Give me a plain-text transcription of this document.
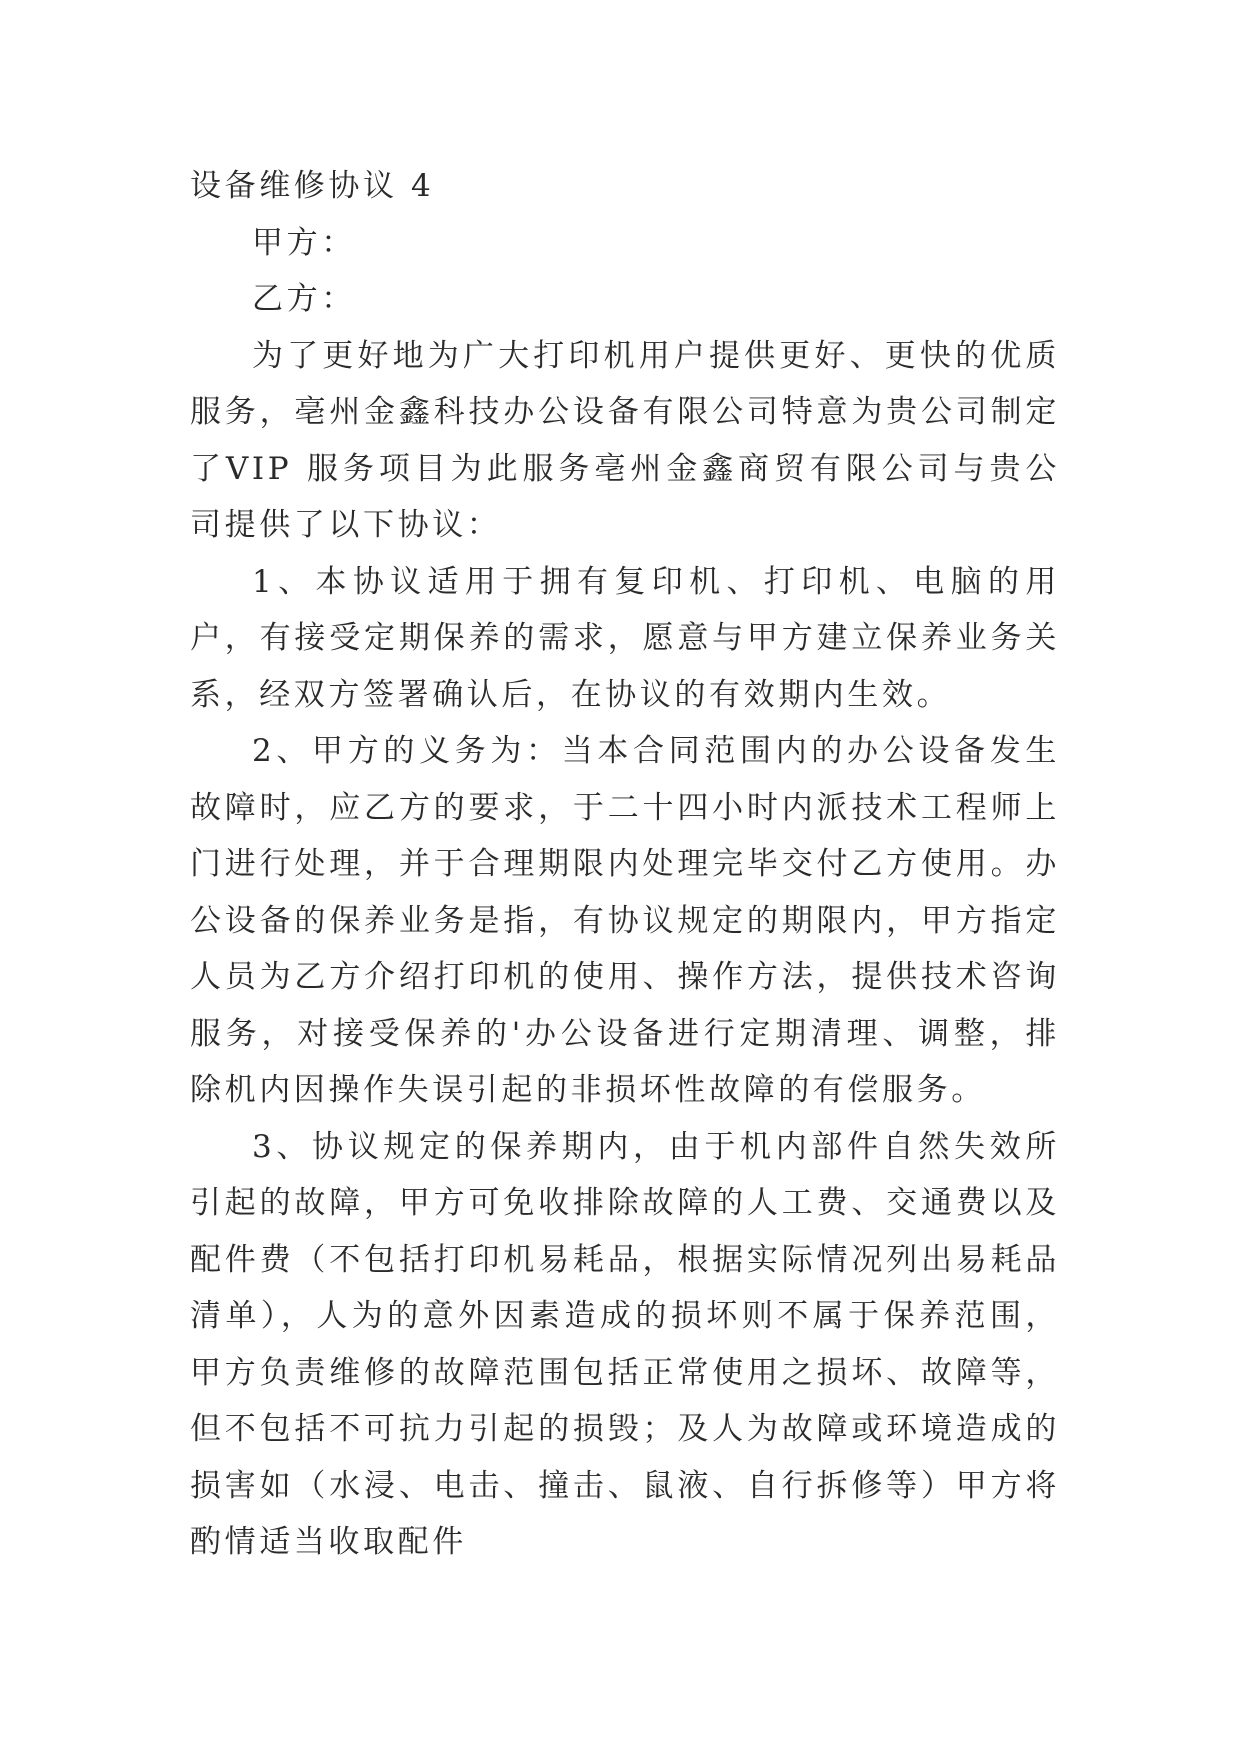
设备维修协议 4

甲方：

乙方：

为了更好地为广大打印机用户提供更好、更快的优质服务，亳州金鑫科技办公设备有限公司特意为贵公司制定了VIP 服务项目为此服务亳州金鑫商贸有限公司与贵公司提供了以下协议：

1、本协议适用于拥有复印机、打印机、电脑的用户，有接受定期保养的需求，愿意与甲方建立保养业务关系，经双方签署确认后，在协议的有效期内生效。

2、甲方的义务为：当本合同范围内的办公设备发生故障时，应乙方的要求，于二十四小时内派技术工程师上门进行处理，并于合理期限内处理完毕交付乙方使用。办公设备的保养业务是指，有协议规定的期限内，甲方指定人员为乙方介绍打印机的使用、操作方法，提供技术咨询服务，对接受保养的'办公设备进行定期清理、调整，排除机内因操作失误引起的非损坏性故障的有偿服务。

3、协议规定的保养期内，由于机内部件自然失效所引起的故障，甲方可免收排除故障的人工费、交通费以及配件费（不包括打印机易耗品，根据实际情况列出易耗品清单），人为的意外因素造成的损坏则不属于保养范围，甲方负责维修的故障范围包括正常使用之损坏、故障等，但不包括不可抗力引起的损毁；及人为故障或环境造成的损害如（水浸、电击、撞击、鼠液、自行拆修等）甲方将酌情适当收取配件
